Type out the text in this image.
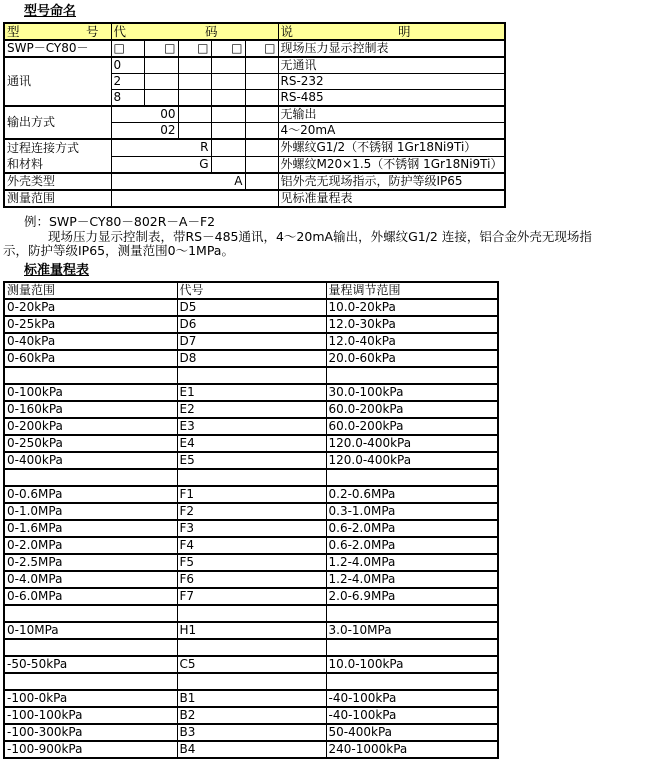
型号命名
型 号	代 码					说 明

SWP－CY80－	□	□	□	□	□	现场压力显示控制表
通讯	0					无通讯
	2					RS-232
	8					RS-485
输出方式	00					无输出
	02					4～20mA

过程连接方式
和材料	R					外螺纹G1/2（不锈钢 1Gr18Ni9Ti）
	G					外螺纹M20×1.5（不锈钢 1Gr18Ni9Ti）
外壳类型	A					铝外壳无现场指示，防护等级IP65
测量范围						见标准量程表
例：SWP－CY80－802R－A－F2
现场压力显示控制表，带RS－485通讯，4～20mA输出，外螺纹G1/2 连接，铝合金外壳无现场指
示，防护等级IP65，测量范围0～1MPa。
标准量程表
测量范围	代号	量程调节范围
0-20kPa	D5	10.0-20kPa
0-25kPa	D6	12.0-30kPa
0-40kPa	D7	12.0-40kPa
0-60kPa	D8	20.0-60kPa

0-100kPa	E1	30.0-100kPa
0-160kPa	E2	60.0-200kPa
0-200kPa	E3	60.0-200kPa
0-250kPa	E4	120.0-400kPa
0-400kPa	E5	120.0-400kPa

0-0.6MPa	F1	0.2-0.6MPa
0-1.0MPa	F2	0.3-1.0MPa
0-1.6MPa	F3	0.6-2.0MPa
0-2.0MPa	F4	0.6-2.0MPa
0-2.5MPa	F5	1.2-4.0MPa
0-4.0MPa	F6	1.2-4.0MPa
0-6.0MPa	F7	2.0-6.9MPa

0-10MPa	H1	3.0-10MPa

-50-50kPa	C5	10.0-100kPa

-100-0kPa	B1	-40-100kPa
-100-100kPa	B2	-40-100kPa
-100-300kPa	B3	50-400kPa
-100-900kPa	B4	240-1000kPa
